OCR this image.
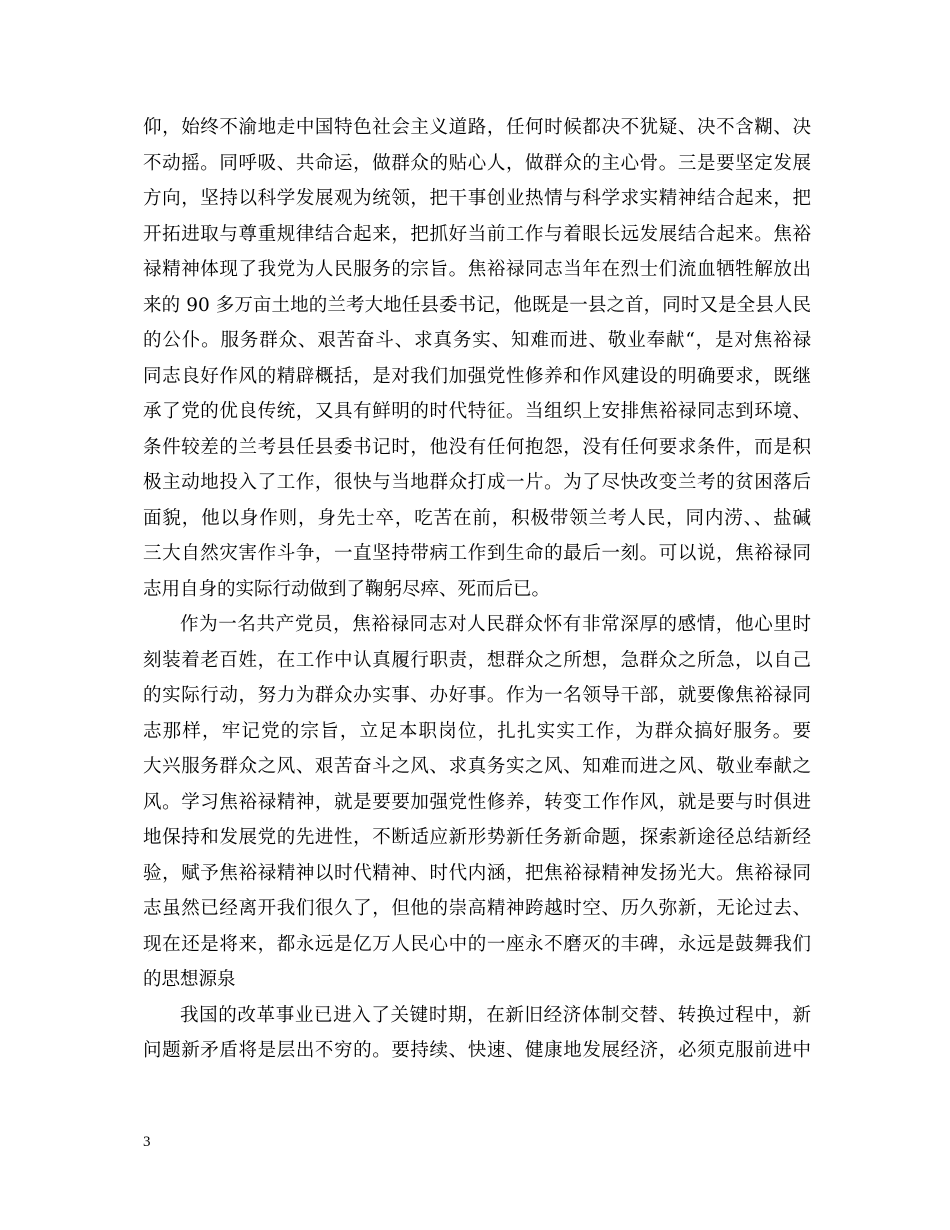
仰，始终不渝地走中国特色社会主义道路，任何时候都决不犹疑、决不含糊、决
不动摇。同呼吸、共命运，做群众的贴心人，做群众的主心骨。三是要坚定发展
方向，坚持以科学发展观为统领，把干事创业热情与科学求实精神结合起来，把
开拓进取与尊重规律结合起来，把抓好当前工作与着眼长远发展结合起来。焦裕
禄精神体现了我党为人民服务的宗旨。焦裕禄同志当年在烈士们流血牺牲解放出
来的 90 多万亩土地的兰考大地任县委书记，他既是一县之首，同时又是全县人民
的公仆。服务群众、艰苦奋斗、求真务实、知难而进、敬业奉献“，是对焦裕禄
同志良好作风的精辟概括，是对我们加强党性修养和作风建设的明确要求，既继
承了党的优良传统，又具有鲜明的时代特征。当组织上安排焦裕禄同志到环境、
条件较差的兰考县任县委书记时，他没有任何抱怨，没有任何要求条件，而是积
极主动地投入了工作，很快与当地群众打成一片。为了尽快改变兰考的贫困落后
面貌，他以身作则，身先士卒，吃苦在前，积极带领兰考人民，同内涝、、盐碱
三大自然灾害作斗争，一直坚持带病工作到生命的最后一刻。可以说，焦裕禄同
志用自身的实际行动做到了鞠躬尽瘁、死而后已。
作为一名共产党员，焦裕禄同志对人民群众怀有非常深厚的感情，他心里时
刻装着老百姓，在工作中认真履行职责，想群众之所想，急群众之所急，以自己
的实际行动，努力为群众办实事、办好事。作为一名领导干部，就要像焦裕禄同
志那样，牢记党的宗旨，立足本职岗位，扎扎实实工作，为群众搞好服务。要
大兴服务群众之风、艰苦奋斗之风、求真务实之风、知难而进之风、敬业奉献之
风。学习焦裕禄精神，就是要要加强党性修养，转变工作作风，就是要与时俱进
地保持和发展党的先进性，不断适应新形势新任务新命题，探索新途径总结新经
验，赋予焦裕禄精神以时代精神、时代内涵，把焦裕禄精神发扬光大。焦裕禄同
志虽然已经离开我们很久了，但他的崇高精神跨越时空、历久弥新，无论过去、
现在还是将来，都永远是亿万人民心中的一座永不磨灭的丰碑，永远是鼓舞我们
的思想源泉
我国的改革事业已进入了关键时期，在新旧经济体制交替、转换过程中，新
问题新矛盾将是层出不穷的。要持续、快速、健康地发展经济，必须克服前进中
3
